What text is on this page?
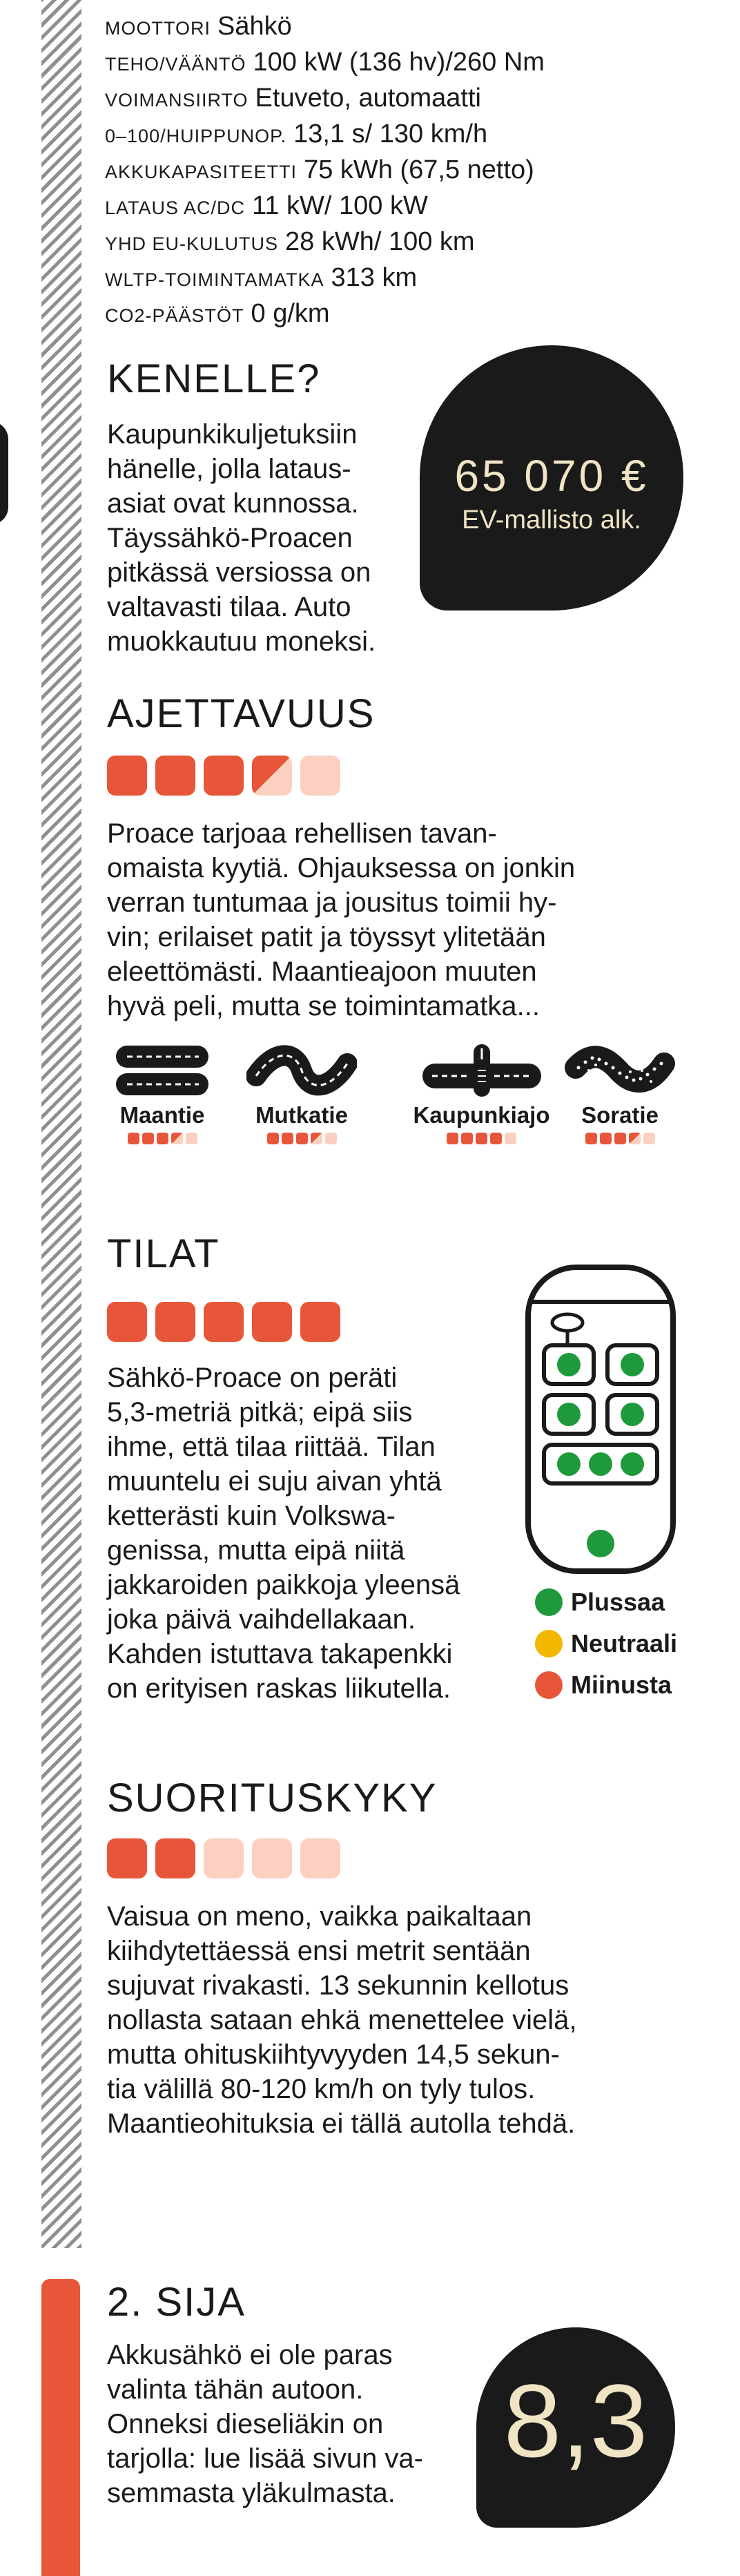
MOOTTORI Sähkö
TEHO/VÄÄNTÖ 100 kW (136 hv)/260 Nm
VOIMANSIIRTO Etuveto, automaatti
0–100/HUIPPUNOP. 13,1 s/ 130 km/h
AKKUKAPASITEETTI 75 kWh (67,5 netto)
LATAUS AC/DC 11 kW/ 100 kW
YHD EU-KULUTUS 28 kWh/ 100 km
WLTP-TOIMINTAMATKA 313 km
CO2-PÄÄSTÖT 0 g/km
KENELLE?
Kaupunkikuljetuksiin
hänelle, jolla lataus-
asiat ovat kunnossa.
Täyssähkö-Proacen
pitkässä versiossa on
valtavasti tilaa. Auto
muokkautuu moneksi.
65 070 €
EV-mallisto alk.
AJETTAVUUS
Proace tarjoaa rehellisen tavan-
omaista kyytiä. Ohjauksessa on jonkin
verran tuntumaa ja jousitus toimii hy-
vin; erilaiset patit ja töyssyt ylitetään
eleettömästi. Maantieajoon muuten
hyvä peli, mutta se toimintamatka...
Maantie	Mutkatie	Kaupunkiajo	Soratie
TILAT
Sähkö-Proace on peräti
5,3-metriä pitkä; eipä siis
ihme, että tilaa riittää. Tilan
muuntelu ei suju aivan yhtä
ketterästi kuin Volkswa-
genissa, mutta eipä niitä
jakkaroiden paikkoja yleensä
joka päivä vaihdellakaan.
Kahden istuttava takapenkki
on erityisen raskas liikutella.
Plussaa
Neutraali
Miinusta
SUORITUSKYKY
Vaisua on meno, vaikka paikaltaan
kiihdytettäessä ensi metrit sentään
sujuvat rivakasti. 13 sekunnin kellotus
nollasta sataan ehkä menettelee vielä,
mutta ohituskiihtyvyyden 14,5 sekun-
tia välillä 80-120 km/h on tyly tulos.
Maantieohituksia ei tällä autolla tehdä.
2. SIJA
Akkusähkö ei ole paras
valinta tähän autoon.
Onneksi dieseliäkin on
tarjolla: lue lisää sivun va-
semmasta yläkulmasta.
8,3
